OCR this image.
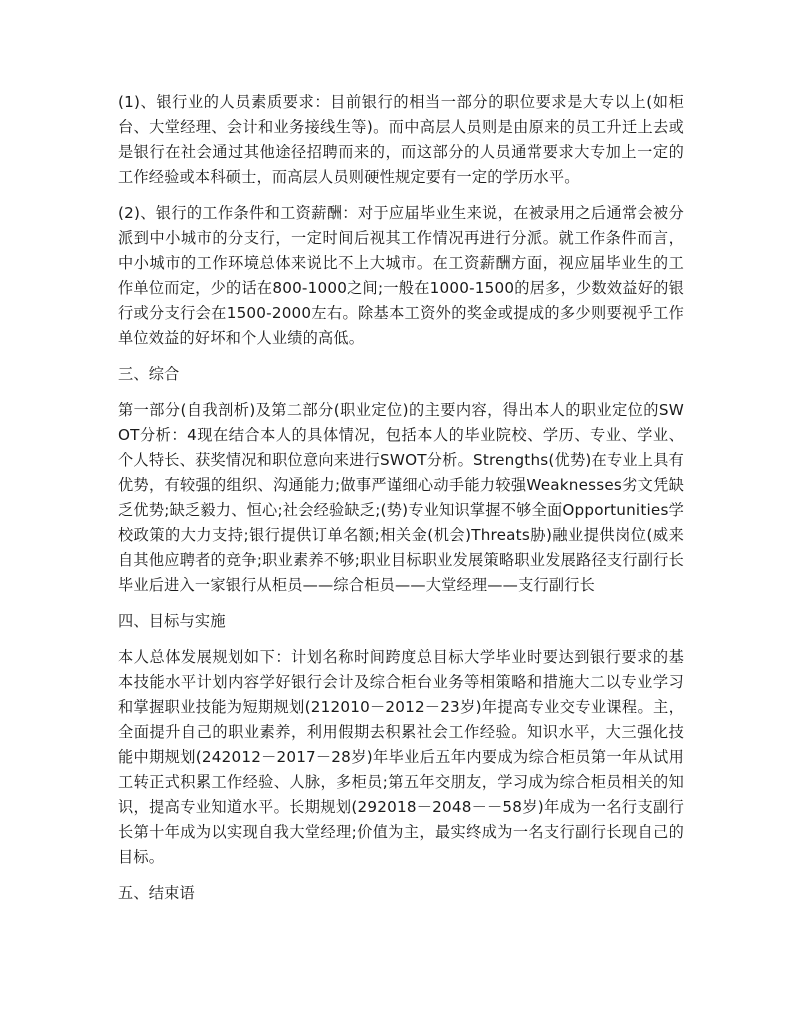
(1)、银行业的人员素质要求：目前银行的相当一部分的职位要求是大专以上(如柜台、大堂经理、会计和业务接线生等)。而中高层人员则是由原来的员工升迁上去或是银行在社会通过其他途径招聘而来的，而这部分的人员通常要求大专加上一定的工作经验或本科硕士，而高层人员则硬性规定要有一定的学历水平。

(2)、银行的工作条件和工资薪酬：对于应届毕业生来说，在被录用之后通常会被分派到中小城市的分支行，一定时间后视其工作情况再进行分派。就工作条件而言，中小城市的工作环境总体来说比不上大城市。在工资薪酬方面，视应届毕业生的工作单位而定，少的话在800-1000之间;一般在1000-1500的居多，少数效益好的银行或分支行会在1500-2000左右。除基本工资外的奖金或提成的多少则要视乎工作单位效益的好坏和个人业绩的高低。

三、综合

第一部分(自我剖析)及第二部分(职业定位)的主要内容，得出本人的职业定位的SWOT分析：4现在结合本人的具体情况，包括本人的毕业院校、学历、专业、学业、个人特长、获奖情况和职位意向来进行SWOT分析。Strengths(优势)在专业上具有优势，有较强的组织、沟通能力;做事严谨细心动手能力较强Weaknesses劣文凭缺乏优势;缺乏毅力、恒心;社会经验缺乏;(势)专业知识掌握不够全面Opportunities学校政策的大力支持;银行提供订单名额;相关金(机会)Threats胁)融业提供岗位(威来自其他应聘者的竞争;职业素养不够;职业目标职业发展策略职业发展路径支行副行长毕业后进入一家银行从柜员——综合柜员——大堂经理——支行副行长

四、目标与实施

本人总体发展规划如下：计划名称时间跨度总目标大学毕业时要达到银行要求的基本技能水平计划内容学好银行会计及综合柜台业务等相策略和措施大二以专业学习和掌握职业技能为短期规划(212010－2012－23岁)年提高专业交专业课程。主，全面提升自己的职业素养，利用假期去积累社会工作经验。知识水平，大三强化技能中期规划(242012－2017－28岁)年毕业后五年内要成为综合柜员第一年从试用工转正式积累工作经验、人脉，多柜员;第五年交朋友，学习成为综合柜员相关的知识，提高专业知道水平。长期规划(292018－2048－－58岁)年成为一名行支副行长第十年成为以实现自我大堂经理;价值为主，最实终成为一名支行副行长现自己的目标。

五、结束语
